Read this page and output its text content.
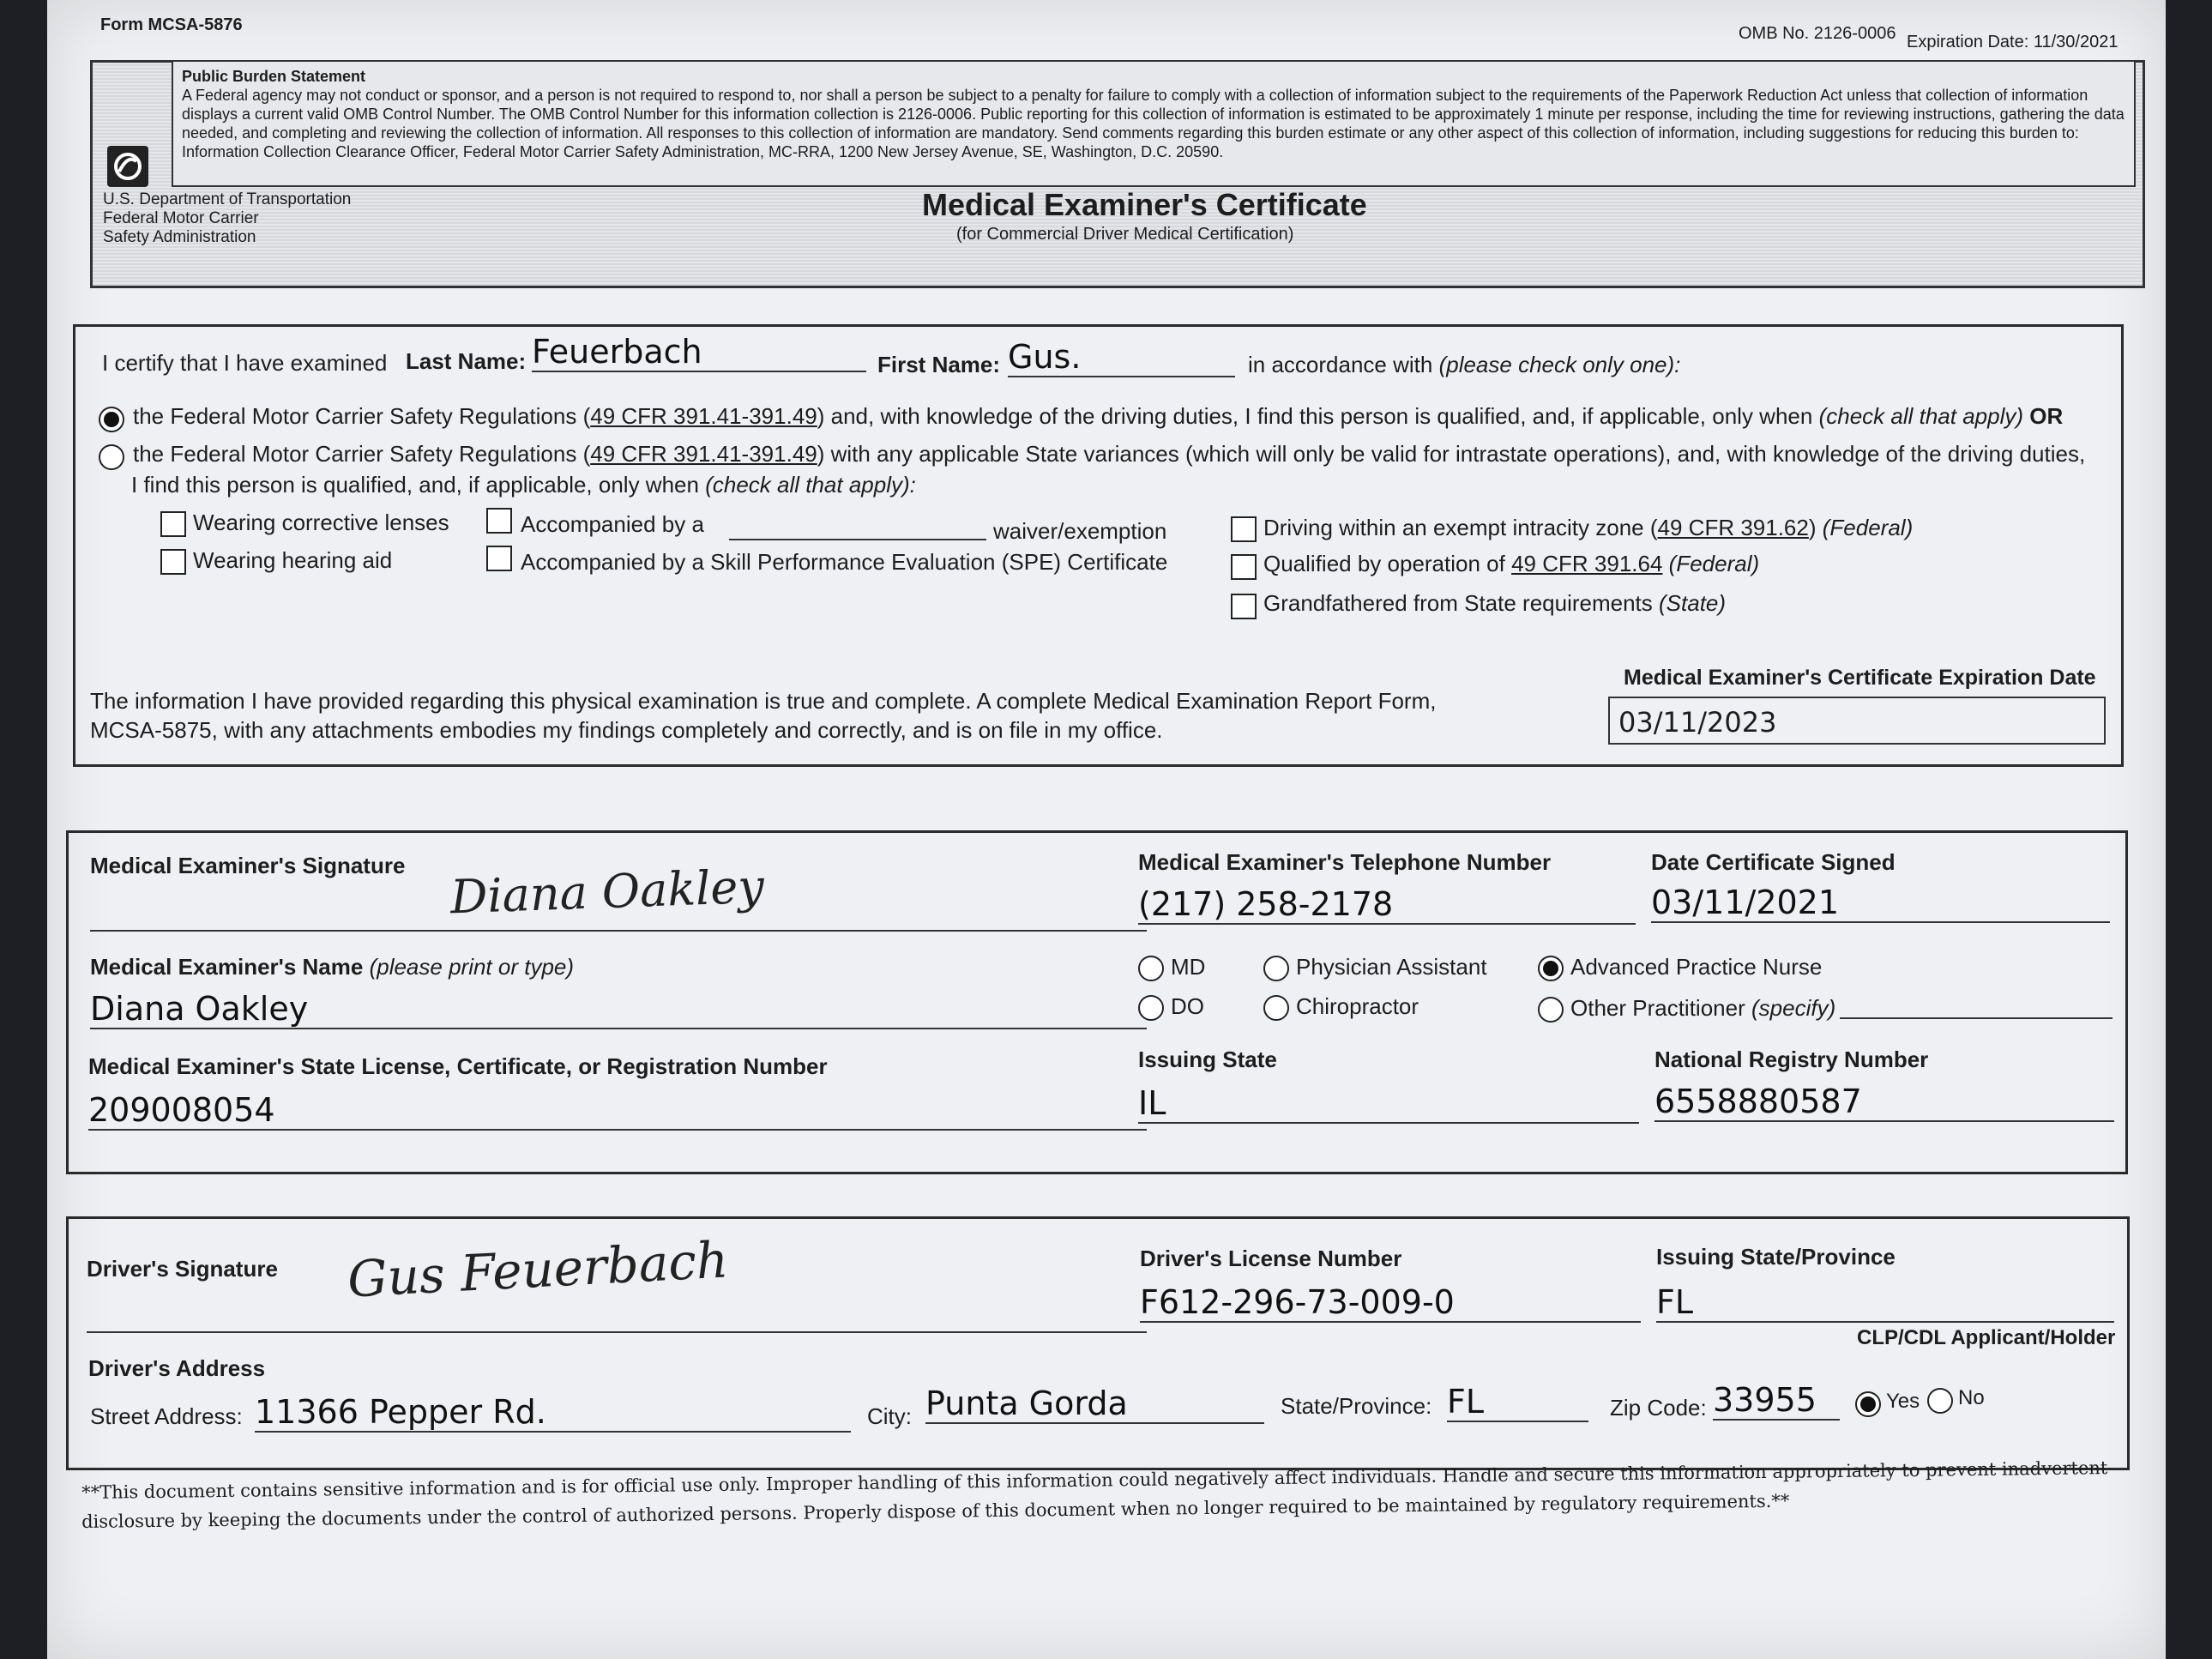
Form MCSA-5876	OMB No. 2126-0006 Expiration Date: 11/30/2021
Public Burden Statement
A Federal agency may not conduct or sponsor, and a person is not required to respond to, nor shall a person be subject to a penalty for failure to comply with a collection of information subject to the requirements of the Paperwork Reduction Act unless that collection of information displays a current valid OMB Control Number. The OMB Control Number for this information collection is 2126-0006. Public reporting for this collection of information is estimated to be approximately 1 minute per response, including the time for reviewing instructions, gathering the data needed, and completing and reviewing the collection of information. All responses to this collection of information are mandatory. Send comments regarding this burden estimate or any other aspect of this collection of information, including suggestions for reducing this burden to: Information Collection Clearance Officer, Federal Motor Carrier Safety Administration, MC-RRA, 1200 New Jersey Avenue, SE, Washington, D.C. 20590.
U.S. Department of Transportation
Federal Motor Carrier
Safety Administration
Medical Examiner's Certificate
(for Commercial Driver Medical Certification)
I certify that I have examined Last Name: Feuerbach	First Name: Gus.	in accordance with (please check only one):
the Federal Motor Carrier Safety Regulations (49 CFR 391.41-391.49) and, with knowledge of the driving duties, I find this person is qualified, and, if applicable, only when (check all that apply) OR
the Federal Motor Carrier Safety Regulations (49 CFR 391.41-391.49) with any applicable State variances (which will only be valid for intrastate operations), and, with knowledge of the driving duties,
I find this person is qualified, and, if applicable, only when (check all that apply):
Wearing corrective lenses
Wearing hearing aid
Accompanied by a	waiver/exemption
Accompanied by a Skill Performance Evaluation (SPE) Certificate
Driving within an exempt intracity zone (49 CFR 391.62) (Federal)
Qualified by operation of 49 CFR 391.64 (Federal)
Grandfathered from State requirements (State)
The information I have provided regarding this physical examination is true and complete. A complete Medical Examination Report Form,
MCSA-5875, with any attachments embodies my findings completely and correctly, and is on file in my office.
Medical Examiner's Certificate Expiration Date
03/11/2023
Medical Examiner's Signature Diana Oakley	Medical Examiner's Telephone Number
(217) 258-2178
Date Certificate Signed
03/11/2021
Medical Examiner's Name (please print or type)
Diana Oakley
MD
DO
Physician Assistant
Chiropractor
Advanced Practice Nurse
Other Practitioner (specify)
Medical Examiner's State License, Certificate, or Registration Number
209008054
Issuing State
IL
National Registry Number
6558880587
Driver's Signature Gus Feuerbach	Driver's License Number
F612-296-73-009-0
Issuing State/Province
FL
Driver's Address
CLP/CDL Applicant/Holder
Street Address: 11366 Pepper Rd.	City: Punta Gorda	State/Province: FL	Zip Code: 33955	Yes No
**This document contains sensitive information and is for official use only. Improper handling of this information could negatively affect individuals. Handle and secure this information appropriately to prevent inadvertent
disclosure by keeping the documents under the control of authorized persons. Properly dispose of this document when no longer required to be maintained by regulatory requirements.**
